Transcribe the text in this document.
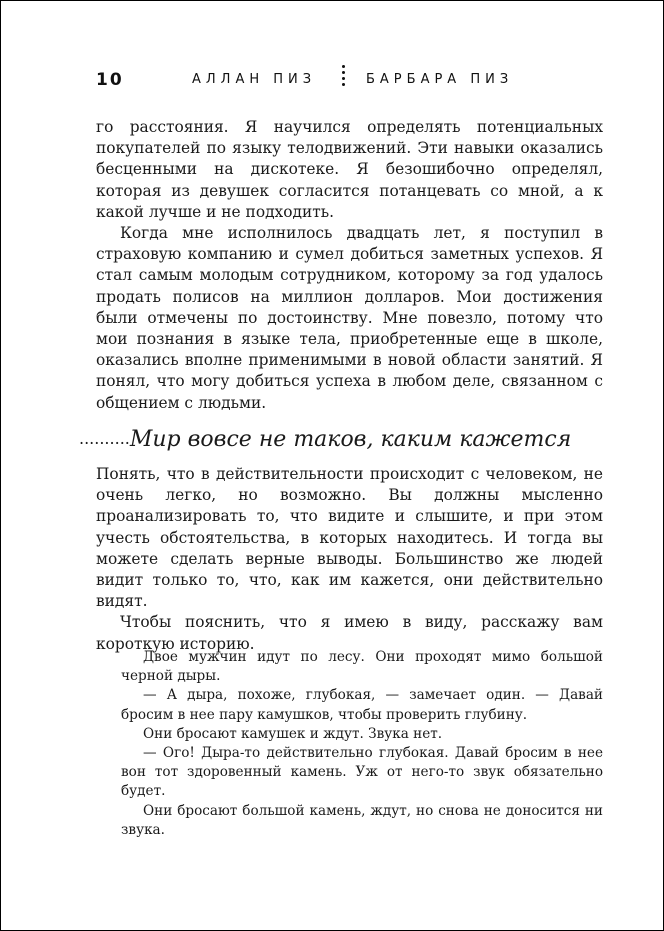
10	АЛЛАН ПИЗ	БАРБАРА ПИЗ

го расстояния. Я научился определять потенциальных покупателей по языку телодвижений. Эти навыки оказались бесценными на дискотеке. Я безошибочно определял, которая из девушек согласится потанцевать со мной, а к какой лучше и не подходить.

Когда мне исполнилось двадцать лет, я поступил в страховую компанию и сумел добиться заметных успехов. Я стал самым молодым сотрудником, которому за год удалось продать полисов на миллион долларов. Мои достижения были отмечены по достоинству. Мне повезло, потому что мои познания в языке тела, приобретенные еще в школе, оказались вполне применимыми в новой области занятий. Я понял, что могу добиться успеха в любом деле, связанном с общением с людьми.

..........Мир вовсе не таков, каким кажется

Понять, что в действительности происходит с человеком, не очень легко, но возможно. Вы должны мысленно проанализировать то, что видите и слышите, и при этом учесть обстоятельства, в которых находитесь. И тогда вы можете сделать верные выводы. Большинство же людей видит только то, что, как им кажется, они действительно видят.

Чтобы пояснить, что я имею в виду, расскажу вам короткую историю.

Двое мужчин идут по лесу. Они проходят мимо большой черной дыры.

— А дыра, похоже, глубокая, — замечает один. — Давай бросим в нее пару камушков, чтобы проверить глубину.

Они бросают камушек и ждут. Звука нет.

— Ого! Дыра-то действительно глубокая. Давай бросим в нее вон тот здоровенный камень. Уж от него-то звук обязательно будет.

Они бросают большой камень, ждут, но снова не доносится ни звука.
